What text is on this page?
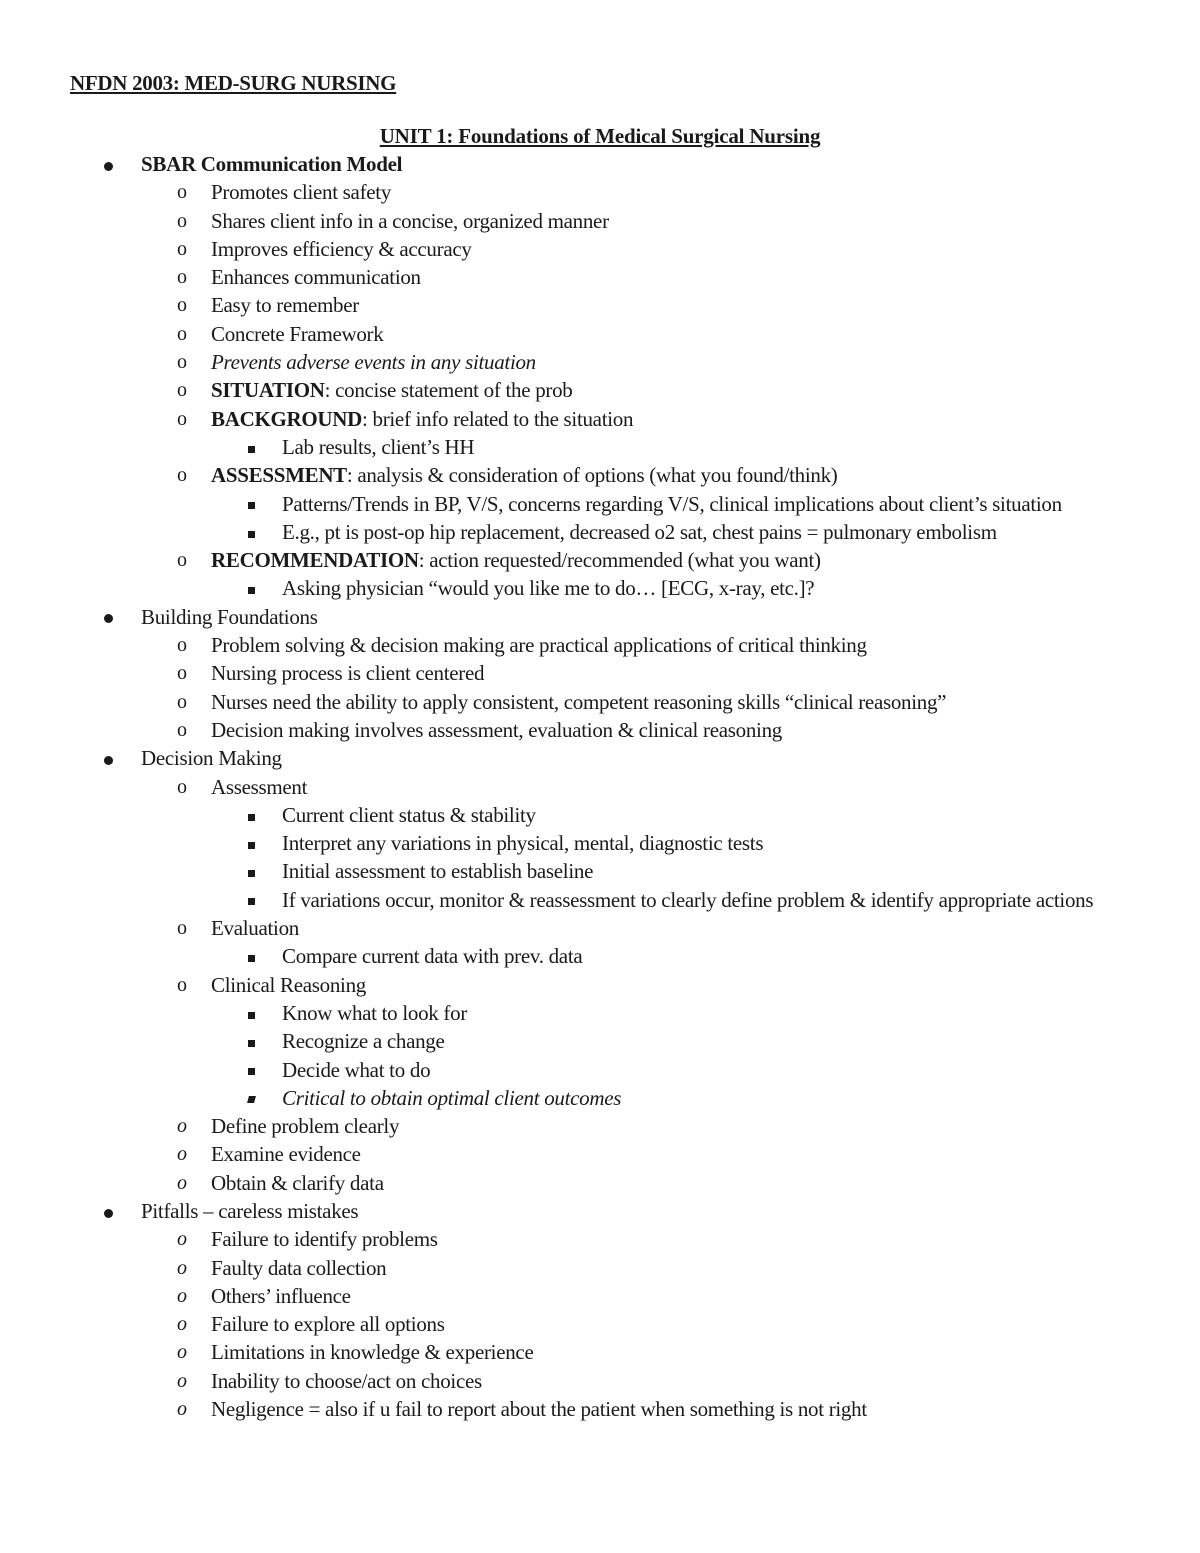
NFDN 2003: MED-SURG NURSING
UNIT 1: Foundations of Medical Surgical Nursing
SBAR Communication Model
o Promotes client safety
o Shares client info in a concise, organized manner
o Improves efficiency & accuracy
o Enhances communication
o Easy to remember
o Concrete Framework
o Prevents adverse events in any situation
o SITUATION: concise statement of the prob
o BACKGROUND: brief info related to the situation
Lab results, client’s HH
o ASSESSMENT: analysis & consideration of options (what you found/think)
Patterns/Trends in BP, V/S, concerns regarding V/S, clinical implications about client’s situation
E.g., pt is post-op hip replacement, decreased o2 sat, chest pains = pulmonary embolism
o RECOMMENDATION: action requested/recommended (what you want)
Asking physician “would you like me to do… [ECG, x-ray, etc.]?
Building Foundations
o Problem solving & decision making are practical applications of critical thinking
o Nursing process is client centered
o Nurses need the ability to apply consistent, competent reasoning skills “clinical reasoning”
o Decision making involves assessment, evaluation & clinical reasoning
Decision Making
o Assessment
Current client status & stability
Interpret any variations in physical, mental, diagnostic tests
Initial assessment to establish baseline
If variations occur, monitor & reassessment to clearly define problem & identify appropriate actions
o Evaluation
Compare current data with prev. data
o Clinical Reasoning
Know what to look for
Recognize a change
Decide what to do
Critical to obtain optimal client outcomes
o Define problem clearly
o Examine evidence
o Obtain & clarify data
Pitfalls – careless mistakes
o Failure to identify problems
o Faulty data collection
o Others’ influence
o Failure to explore all options
o Limitations in knowledge & experience
o Inability to choose/act on choices
o Negligence = also if u fail to report about the patient when something is not right
